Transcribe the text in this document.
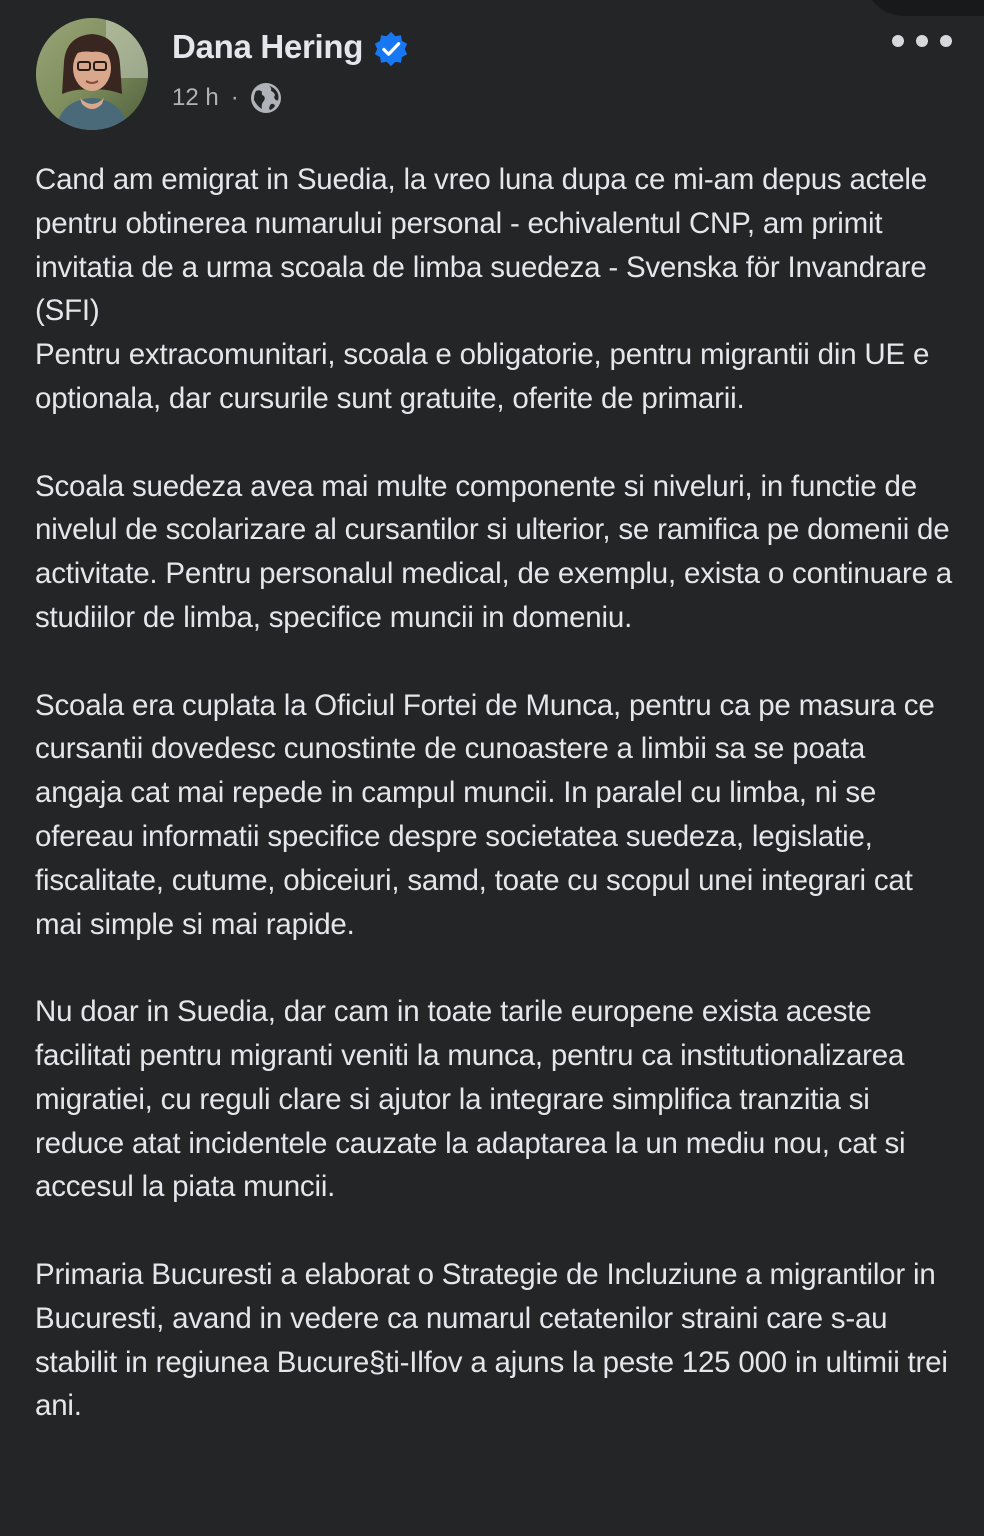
Dana Hering
12 h ·

Cand am emigrat in Suedia, la vreo luna dupa ce mi-am depus actele pentru obtinerea numarului personal - echivalentul CNP, am primit invitatia de a urma scoala de limba suedeza - Svenska för Invandrare (SFI)
Pentru extracomunitari, scoala e obligatorie, pentru migrantii din UE e optionala, dar cursurile sunt gratuite, oferite de primarii.

Scoala suedeza avea mai multe componente si niveluri, in functie de nivelul de scolarizare al cursantilor si ulterior, se ramifica pe domenii de activitate. Pentru personalul medical, de exemplu, exista o continuare a studiilor de limba, specifice muncii in domeniu.

Scoala era cuplata la Oficiul Fortei de Munca, pentru ca pe masura ce cursantii dovedesc cunostinte de cunoastere a limbii sa se poata angaja cat mai repede in campul muncii. In paralel cu limba, ni se ofereau informatii specifice despre societatea suedeza, legislatie, fiscalitate, cutume, obiceiuri, samd, toate cu scopul unei integrari cat mai simple si mai rapide.

Nu doar in Suedia, dar cam in toate tarile europene exista aceste facilitati pentru migranti veniti la munca, pentru ca institutionalizarea migratiei, cu reguli clare si ajutor la integrare simplifica tranzitia si reduce atat incidentele cauzate la adaptarea la un mediu nou, cat si accesul la piata muncii.

Primaria Bucuresti a elaborat o Strategie de Incluziune a migrantilor in Bucuresti, avand in vedere ca numarul cetatenilor straini care s-au stabilit in regiunea Bucure§ti-Ilfov a ajuns la peste 125 000 in ultimii trei ani.
